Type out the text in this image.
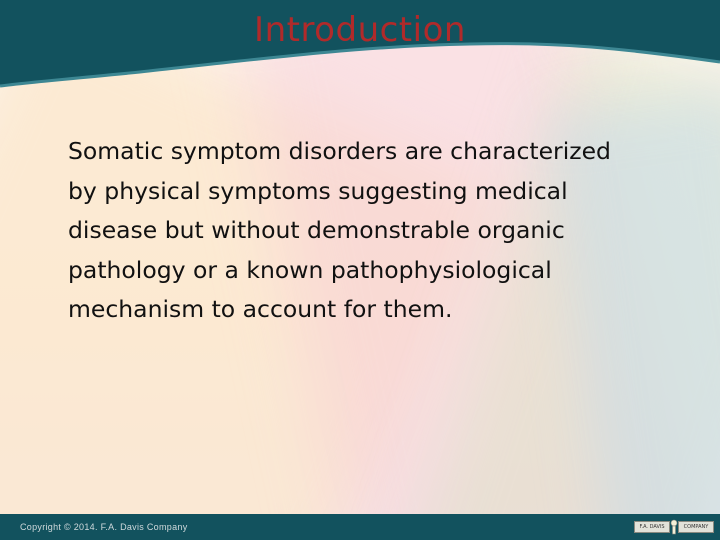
Introduction
Somatic symptom disorders are characterized by physical symptoms suggesting medical disease but without demonstrable organic pathology or a known pathophysiological mechanism to account for them.
Copyright © 2014. F.A. Davis Company	F.A. DAVIS	COMPANY
